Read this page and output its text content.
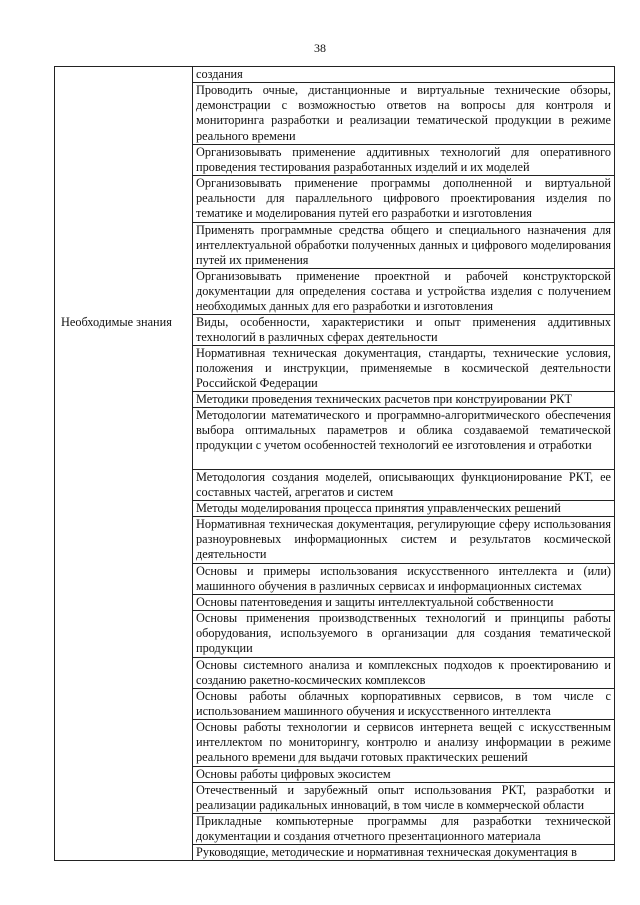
38
Необходимые знания
создания
Проводить очные, дистанционные и виртуальные технические обзоры, демонстрации с возможностью ответов на вопросы для контроля и мониторинга разработки и реализации тематической продукции в режиме реального времени
Организовывать применение аддитивных технологий для оперативного проведения тестирования разработанных изделий и их моделей
Организовывать применение программы дополненной и виртуальной реальности для параллельного цифрового проектирования изделия по тематике и моделирования путей его разработки и изготовления
Применять программные средства общего и специального назначения для интеллектуальной обработки полученных данных и цифрового моделирования путей их применения
Организовывать применение проектной и рабочей конструкторской документации для определения состава и устройства изделия с получением необходимых данных для его разработки и изготовления
Виды, особенности, характеристики и опыт применения аддитивных технологий в различных сферах деятельности
Нормативная техническая документация, стандарты, технические условия, положения и инструкции, применяемые в космической деятельности Российской Федерации
Методики проведения технических расчетов при конструировании РКТ
Методологии математического и программно-алгоритмического обеспечения выбора оптимальных параметров и облика создаваемой тематической продукции с учетом особенностей технологий ее изготовления и отработки
Методология создания моделей, описывающих функционирование РКТ, ее составных частей, агрегатов и систем
Методы моделирования процесса принятия управленческих решений
Нормативная техническая документация, регулирующие сферу использования разноуровневых информационных систем и результатов космической деятельности
Основы и примеры использования искусственного интеллекта и (или) машинного обучения в различных сервисах и информационных системах
Основы патентоведения и защиты интеллектуальной собственности
Основы применения производственных технологий и принципы работы оборудования, используемого в организации для создания тематической продукции
Основы системного анализа и комплексных подходов к проектированию и созданию ракетно-космических комплексов
Основы работы облачных корпоративных сервисов, в том числе с использованием машинного обучения и искусственного интеллекта
Основы работы технологии и сервисов интернета вещей с искусственным интеллектом по мониторингу, контролю и анализу информации в режиме реального времени для выдачи готовых практических решений
Основы работы цифровых экосистем
Отечественный и зарубежный опыт использования РКТ, разработки и реализации радикальных инноваций, в том числе в коммерческой области
Прикладные компьютерные программы для разработки технической документации и создания отчетного презентационного материала
Руководящие, методические и нормативная техническая документация в
